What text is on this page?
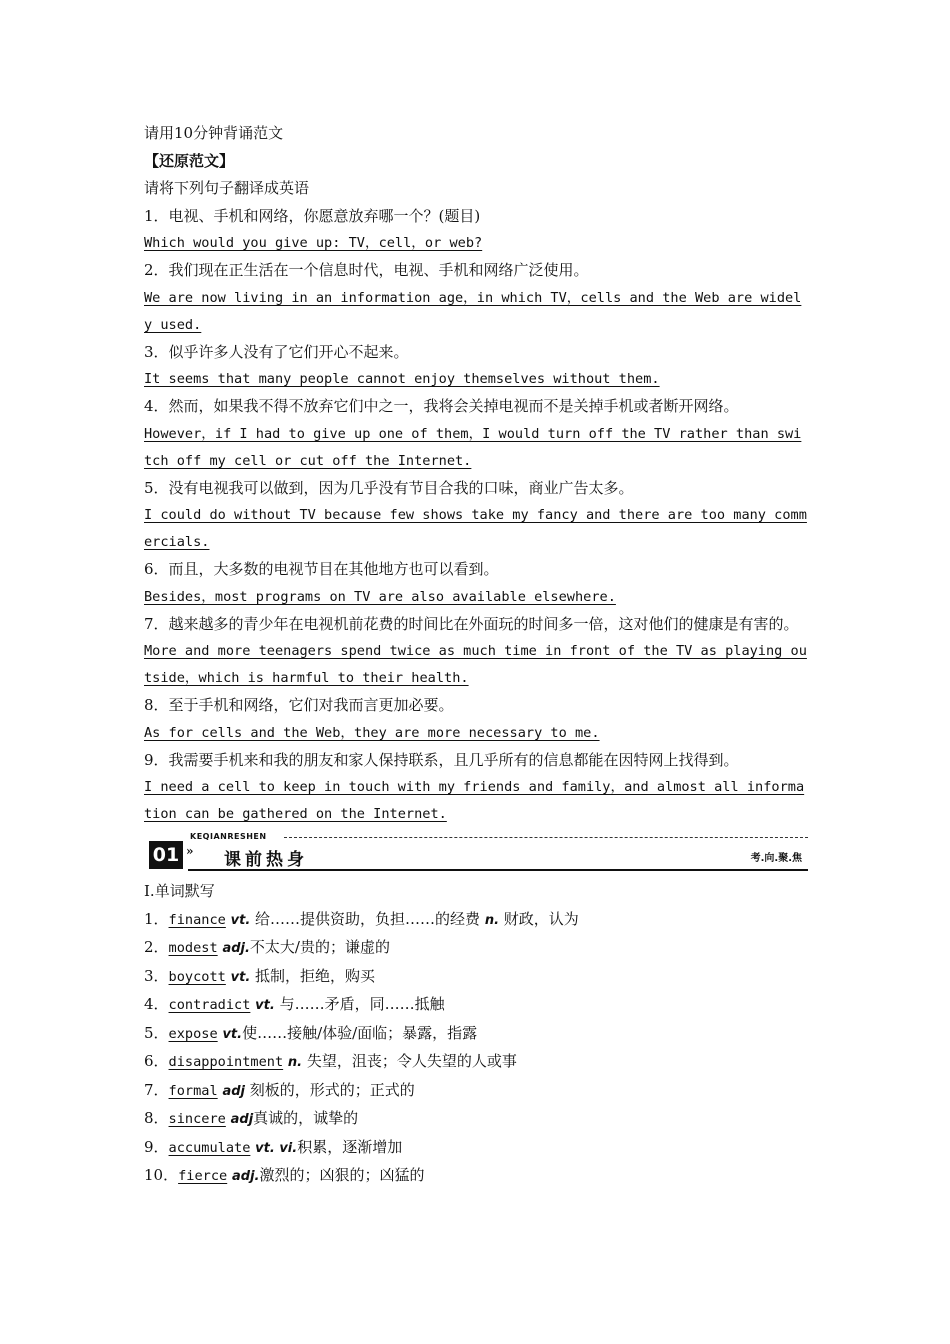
请用10分钟背诵范文
【还原范文】
请将下列句子翻译成英语
1．电视、手机和网络，你愿意放弃哪一个？(题目)
Which would you give up: TV，cell，or web?
2．我们现在正生活在一个信息时代，电视、手机和网络广泛使用。
We are now living in an information age，in which TV，cells and the Web are widely used.
3．似乎许多人没有了它们开心不起来。
It seems that many people cannot enjoy themselves without them.
4．然而，如果我不得不放弃它们中之一，我将会关掉电视而不是关掉手机或者断开网络。
However，if I had to give up one of them，I would turn off the TV rather than switch off my cell or cut off the Internet.
5．没有电视我可以做到，因为几乎没有节目合我的口味，商业广告太多。
I could do without TV because few shows take my fancy and there are too many commercials.
6．而且，大多数的电视节目在其他地方也可以看到。
Besides，most programs on TV are also available elsewhere.
7．越来越多的青少年在电视机前花费的时间比在外面玩的时间多一倍，这对他们的健康是有害的。
More and more teenagers spend twice as much time in front of the TV as playing outside，which is harmful to their health.
8．至于手机和网络，它们对我而言更加必要。
As for cells and the Web，they are more necessary to me.
9．我需要手机来和我的朋友和家人保持联系，且几乎所有的信息都能在因特网上找得到。
I need a cell to keep in touch with my friends and family，and almost all information can be gathered on the Internet.
01
KEQIANRESHEN
» 课前热身	考.向.聚.焦
Ⅰ.单词默写
1．finance vt. 给……提供资助，负担……的经费 n. 财政，认为
2．modest adj.不太大/贵的；谦虚的
3．boycott vt. 抵制，拒绝，购买
4．contradict vt. 与……矛盾，同……抵触
5．expose vt.使……接触/体验/面临；暴露，指露
6．disappointment n. 失望，沮丧；令人失望的人或事
7．formal adj 刻板的，形式的；正式的
8．sincere adj真诚的，诚挚的
9．accumulate vt. vi.积累，逐渐增加
10．fierce adj.激烈的；凶狠的；凶猛的
